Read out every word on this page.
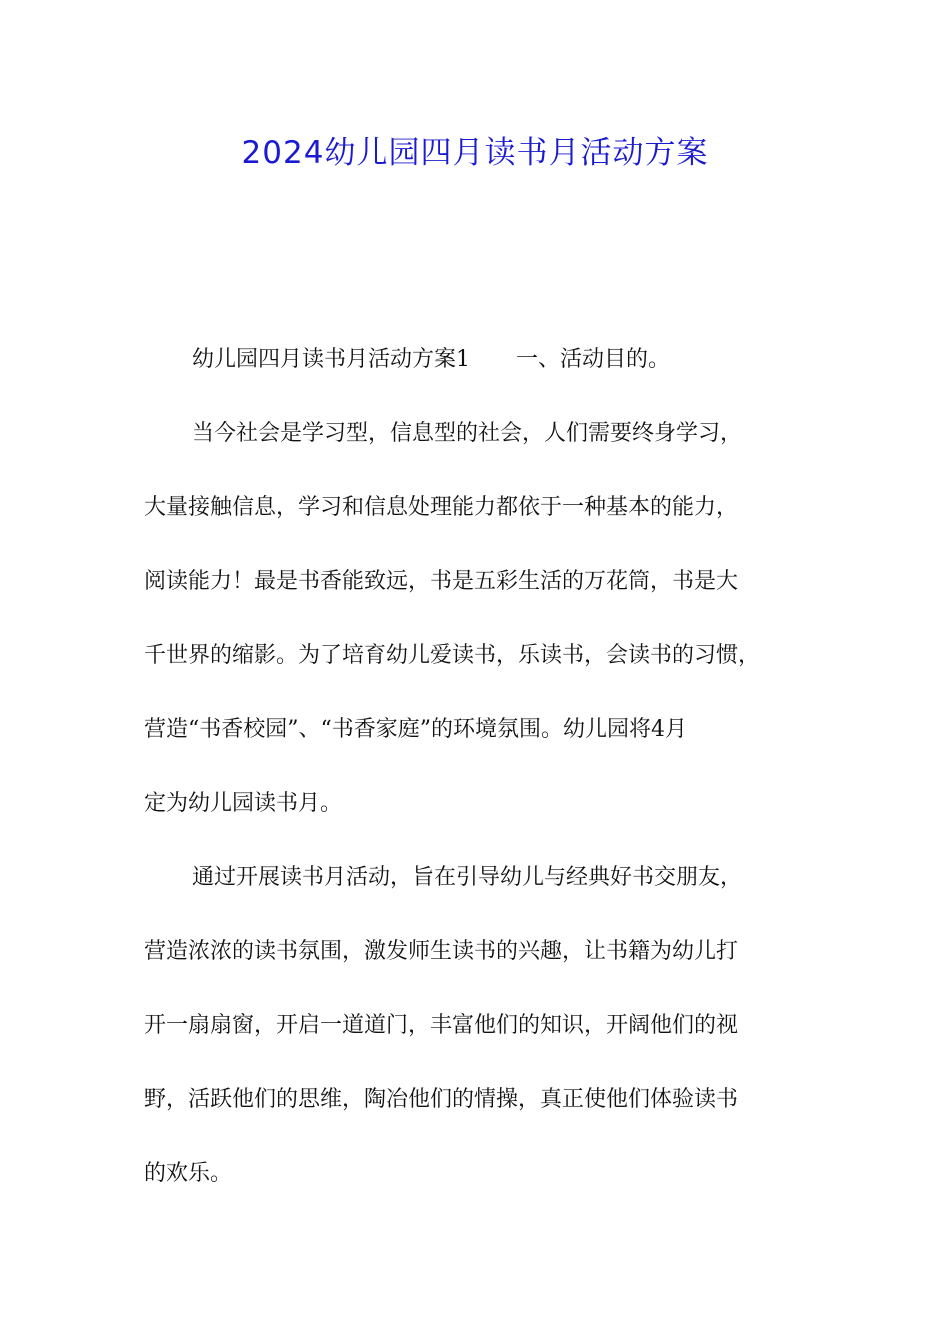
2024幼儿园四月读书月活动方案
幼儿园四月读书月活动方案1 一、活动目的。
当今社会是学习型，信息型的社会，人们需要终身学习，
大量接触信息，学习和信息处理能力都依于一种基本的能力，
阅读能力！最是书香能致远，书是五彩生活的万花筒，书是大
千世界的缩影。为了培育幼儿爱读书，乐读书，会读书的习惯，
营造“书香校园”、“书香家庭”的环境氛围。幼儿园将4月
定为幼儿园读书月。
通过开展读书月活动，旨在引导幼儿与经典好书交朋友，
营造浓浓的读书氛围，激发师生读书的兴趣，让书籍为幼儿打
开一扇扇窗，开启一道道门，丰富他们的知识，开阔他们的视
野，活跃他们的思维，陶冶他们的情操，真正使他们体验读书
的欢乐。
